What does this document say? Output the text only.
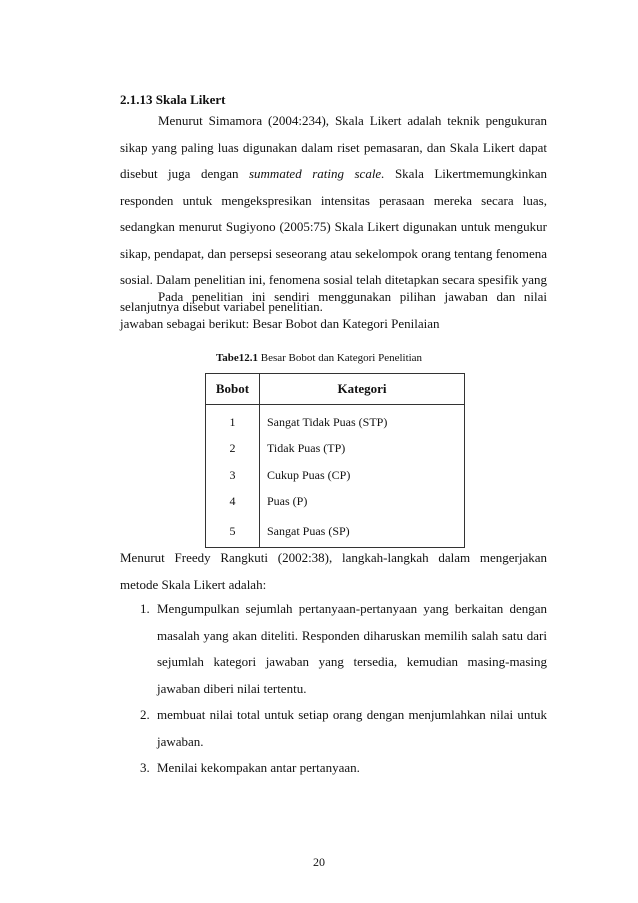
2.1.13 Skala Likert

Menurut Simamora (2004:234), Skala Likert adalah teknik pengukuran sikap yang paling luas digunakan dalam riset pemasaran, dan Skala Likert dapat disebut juga dengan summated rating scale. Skala Likertmemungkinkan responden untuk mengekspresikan intensitas perasaan mereka secara luas, sedangkan menurut Sugiyono (2005:75) Skala Likert digunakan untuk mengukur sikap, pendapat, dan persepsi seseorang atau sekelompok orang tentang fenomena sosial. Dalam penelitian ini, fenomena sosial telah ditetapkan secara spesifik yang selanjutnya disebut variabel penelitian.

Pada penelitian ini sendiri menggunakan pilihan jawaban dan nilai jawaban sebagai berikut: Besar Bobot dan Kategori Penilaian

Tabe12.1 Besar Bobot dan Kategori Penelitian
Bobot	Kategori
1	Sangat Tidak Puas (STP)
2	Tidak Puas (TP)
3	Cukup Puas (CP)
4	Puas (P)
5	Sangat Puas (SP)

Menurut Freedy Rangkuti (2002:38), langkah-langkah dalam mengerjakan metode Skala Likert adalah:

1. Mengumpulkan sejumlah pertanyaan-pertanyaan yang berkaitan dengan masalah yang akan diteliti. Responden diharuskan memilih salah satu dari sejumlah kategori jawaban yang tersedia, kemudian masing-masing jawaban diberi nilai tertentu.
2. membuat nilai total untuk setiap orang dengan menjumlahkan nilai untuk jawaban.
3. Menilai kekompakan antar pertanyaan.
20
